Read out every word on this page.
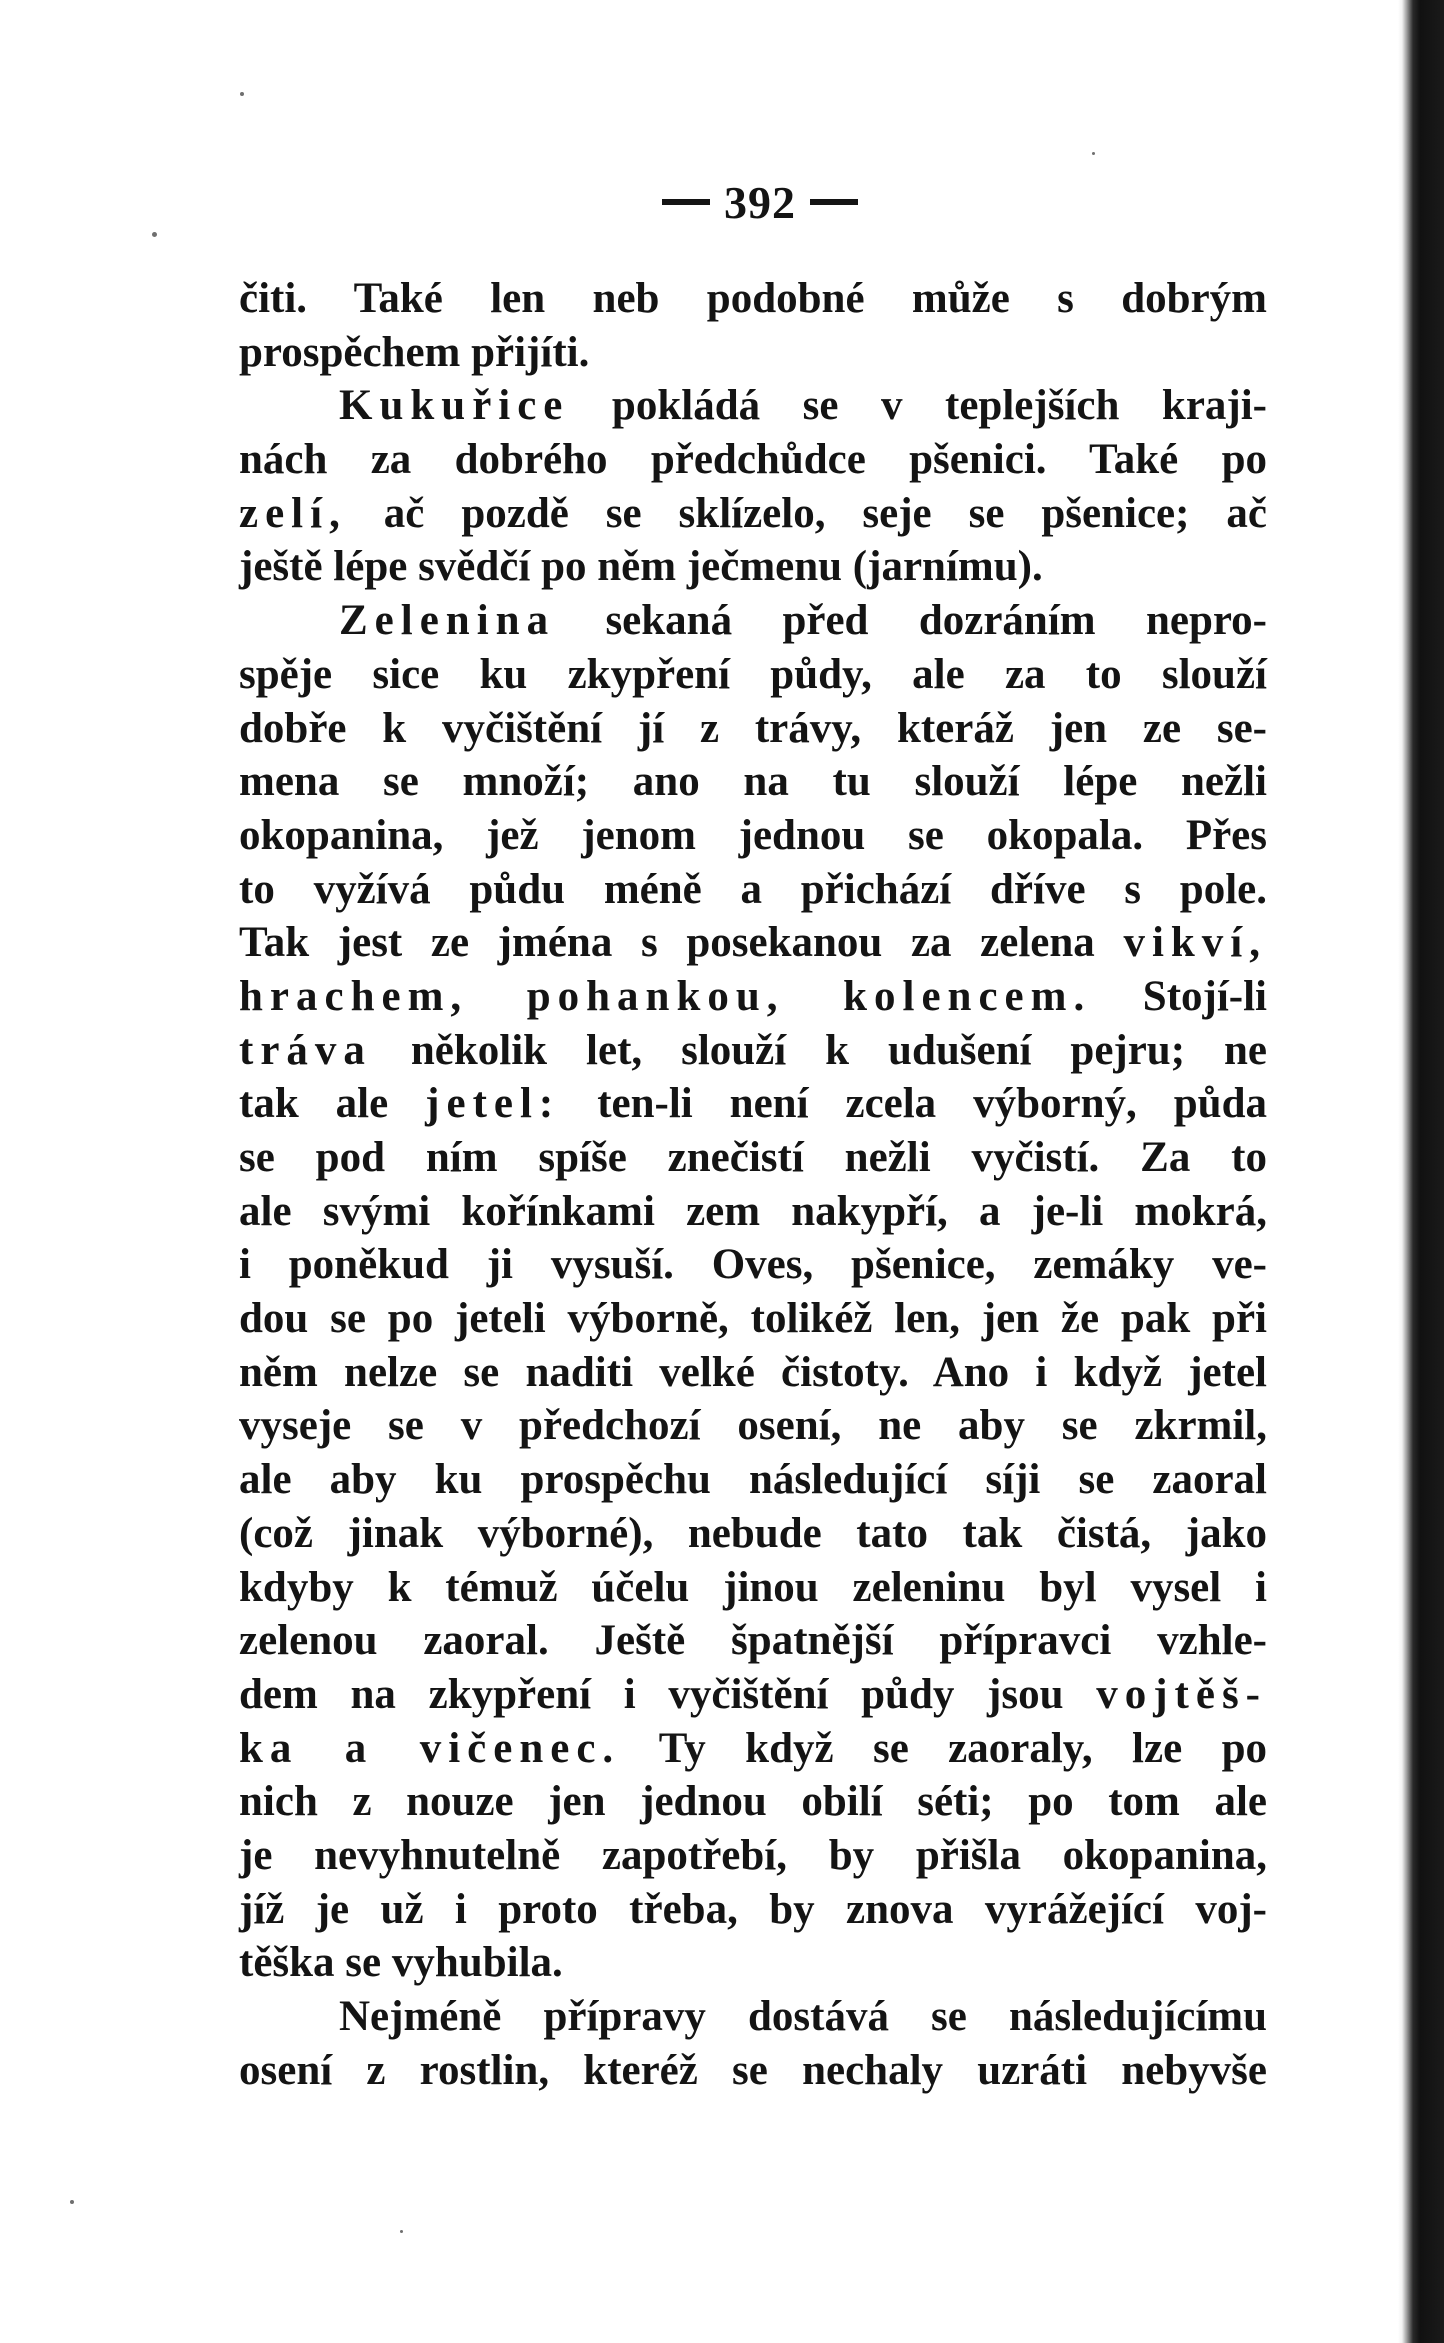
392
čiti. Také len neb podobné může s dobrým
prospěchem přijíti.
Kukuřice pokládá se v teplejších kraji-
nách za dobrého předchůdce pšenici. Také po
zelí, ač pozdě se sklízelo, seje se pšenice; ač
ještě lépe svědčí po něm ječmenu (jarnímu).
Zelenina sekaná před dozráním nepro-
spěje sice ku zkypření půdy, ale za to slouží
dobře k vyčištění jí z trávy, kteráž jen ze se-
mena se množí; ano na tu slouží lépe nežli
okopanina, jež jenom jednou se okopala. Přes
to vyžívá půdu méně a přichází dříve s pole.
Tak jest ze jména s posekanou za zelena vikví,
hrachem, pohankou, kolencem. Stojí-li
tráva několik let, slouží k udušení pejru; ne
tak ale jetel: ten-li není zcela výborný, půda
se pod ním spíše znečistí nežli vyčistí. Za to
ale svými kořínkami zem nakypří, a je-li mokrá,
i poněkud ji vysuší. Oves, pšenice, zemáky ve-
dou se po jeteli výborně, tolikéž len, jen že pak při
něm nelze se naditi velké čistoty. Ano i když jetel
vyseje se v předchozí osení, ne aby se zkrmil,
ale aby ku prospěchu následující síji se zaoral
(což jinak výborné), nebude tato tak čistá, jako
kdyby k témuž účelu jinou zeleninu byl vysel i
zelenou zaoral. Ještě špatnější přípravci vzhle-
dem na zkypření i vyčištění půdy jsou vojtěš-
ka a vičenec. Ty když se zaoraly, lze po
nich z nouze jen jednou obilí séti; po tom ale
je nevyhnutelně zapotřebí, by přišla okopanina,
jíž je už i proto třeba, by znova vyrážející voj-
těška se vyhubila.
Nejméně přípravy dostává se následujícímu
osení z rostlin, kteréž se nechaly uzráti nebyvše
